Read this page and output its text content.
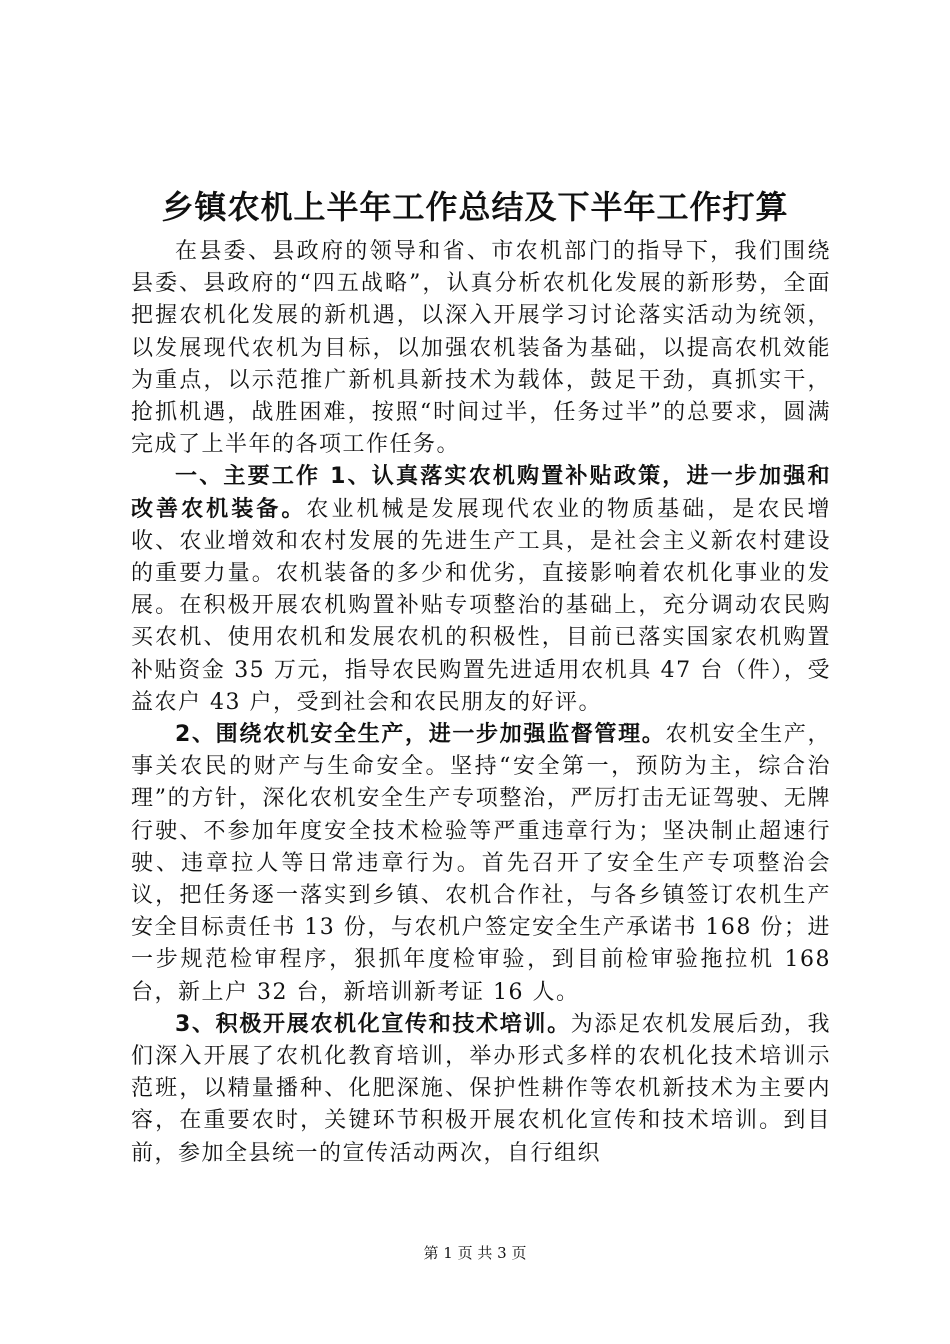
乡镇农机上半年工作总结及下半年工作打算

在县委、县政府的领导和省、市农机部门的指导下，我们围绕县委、县政府的“四五战略”，认真分析农机化发展的新形势，全面把握农机化发展的新机遇，以深入开展学习讨论落实活动为统领，以发展现代农机为目标，以加强农机装备为基础，以提高农机效能为重点，以示范推广新机具新技术为载体，鼓足干劲，真抓实干，抢抓机遇，战胜困难，按照“时间过半，任务过半”的总要求，圆满完成了上半年的各项工作任务。

一、主要工作 1、认真落实农机购置补贴政策，进一步加强和改善农机装备。农业机械是发展现代农业的物质基础，是农民增收、农业增效和农村发展的先进生产工具，是社会主义新农村建设的重要力量。农机装备的多少和优劣，直接影响着农机化事业的发展。在积极开展农机购置补贴专项整治的基础上，充分调动农民购买农机、使用农机和发展农机的积极性，目前已落实国家农机购置补贴资金 35 万元，指导农民购置先进适用农机具 47 台（件），受益农户 43 户，受到社会和农民朋友的好评。

2、围绕农机安全生产，进一步加强监督管理。农机安全生产，事关农民的财产与生命安全。坚持“安全第一，预防为主，综合治理”的方针，深化农机安全生产专项整治，严厉打击无证驾驶、无牌行驶、不参加年度安全技术检验等严重违章行为；坚决制止超速行驶、违章拉人等日常违章行为。首先召开了安全生产专项整治会议，把任务逐一落实到乡镇、农机合作社，与各乡镇签订农机生产安全目标责任书 13 份，与农机户签定安全生产承诺书 168 份；进一步规范检审程序，狠抓年度检审验，到目前检审验拖拉机 168 台，新上户 32 台，新培训新考证 16 人。

3、积极开展农机化宣传和技术培训。为添足农机发展后劲，我们深入开展了农机化教育培训，举办形式多样的农机化技术培训示范班，以精量播种、化肥深施、保护性耕作等农机新技术为主要内容，在重要农时，关键环节积极开展农机化宣传和技术培训。到目前，参加全县统一的宣传活动两次，自行组织

第 1 页 共 3 页
